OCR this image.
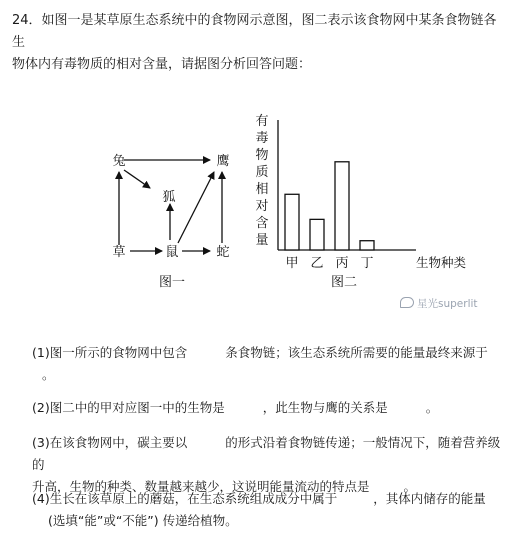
24．如图一是某草原生态系统中的食物网示意图，图二表示该食物网中某条食物链各生
物体内有毒物质的相对含量，请据图分析回答问题：
兔	鹰
狐
草	鼠	蛇
图一
有
毒
物
质
相
对
含
量
甲 乙 丙 丁	生物种类
图二
星光superlit
(1)图一所示的食物网中包含	条食物链；该生态系统所需要的能量最终来源于
。
(2)图二中的甲对应图一中的生物是	，此生物与鹰的关系是	。
(3)在该食物网中，碳主要以	的形式沿着食物链传递；一般情况下，随着营养级的
升高，生物的种类、数量越来越少，这说明能量流动的特点是	。
(4)生长在该草原上的蘑菇，在生态系统组成成分中属于	，其体内储存的能量
(选填“能”或“不能”) 传递给植物。
